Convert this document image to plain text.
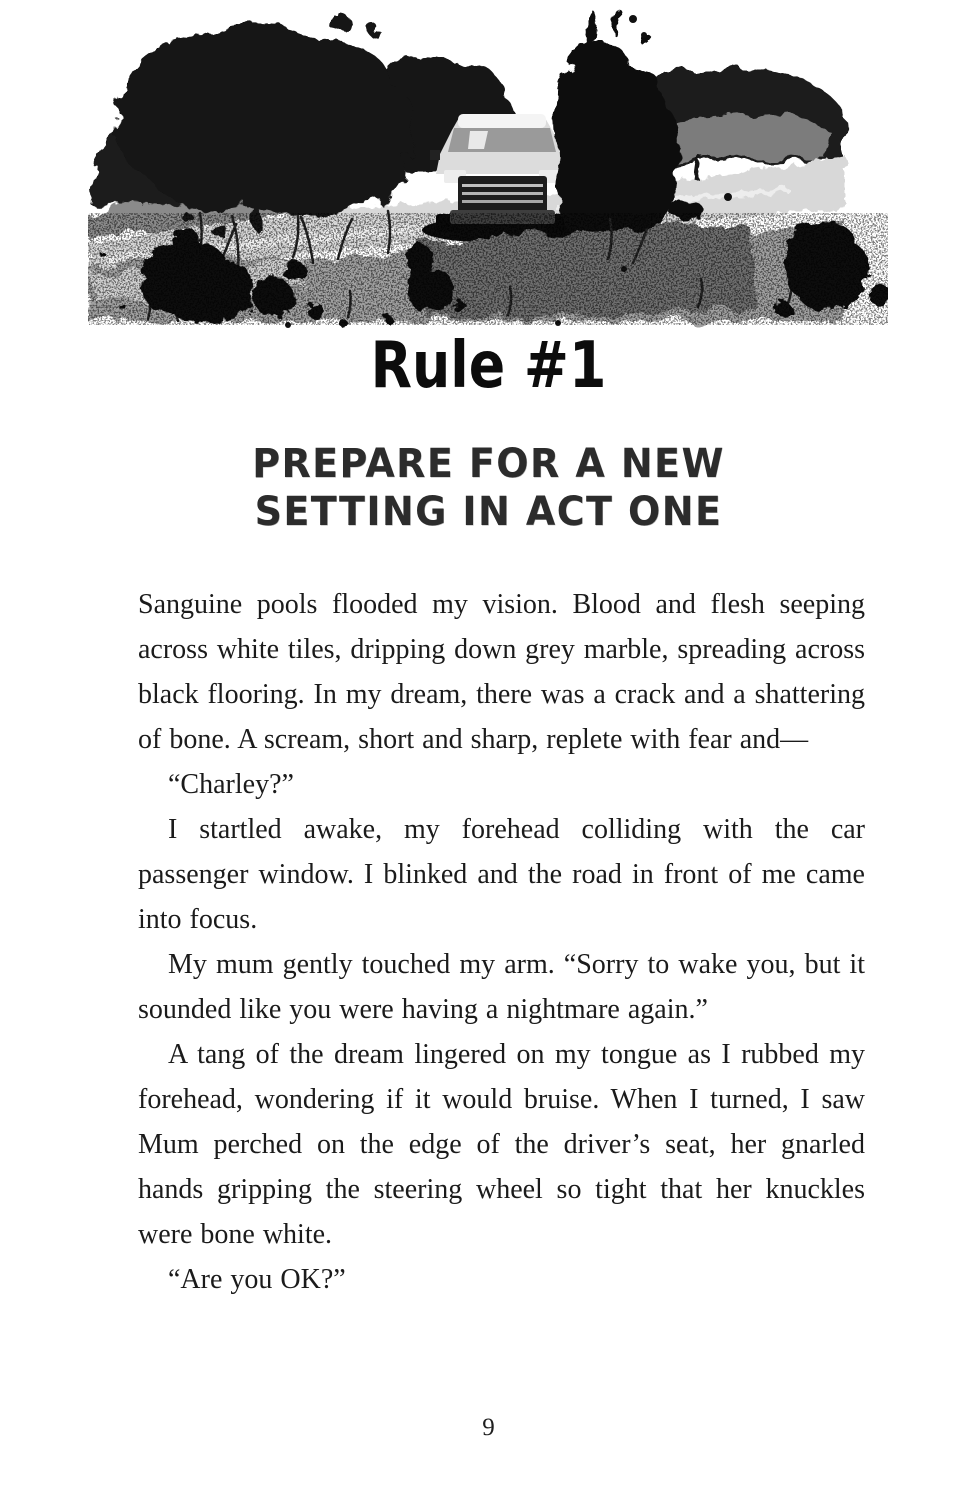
Rule #1
PREPARE FOR A NEW
SETTING IN ACT ONE

Sanguine pools flooded my vision. Blood and flesh seeping across white tiles, dripping down grey marble, spreading across black flooring. In my dream, there was a crack and a shattering of bone. A scream, short and sharp, replete with fear and—

“Charley?”

I startled awake, my forehead colliding with the car passenger window. I blinked and the road in front of me came into focus.

My mum gently touched my arm. “Sorry to wake you, but it sounded like you were having a nightmare again.”

A tang of the dream lingered on my tongue as I rubbed my forehead, wondering if it would bruise. When I turned, I saw Mum perched on the edge of the driver’s seat, her gnarled hands gripping the steering wheel so tight that her knuckles were bone white.

“Are you OK?”

9
